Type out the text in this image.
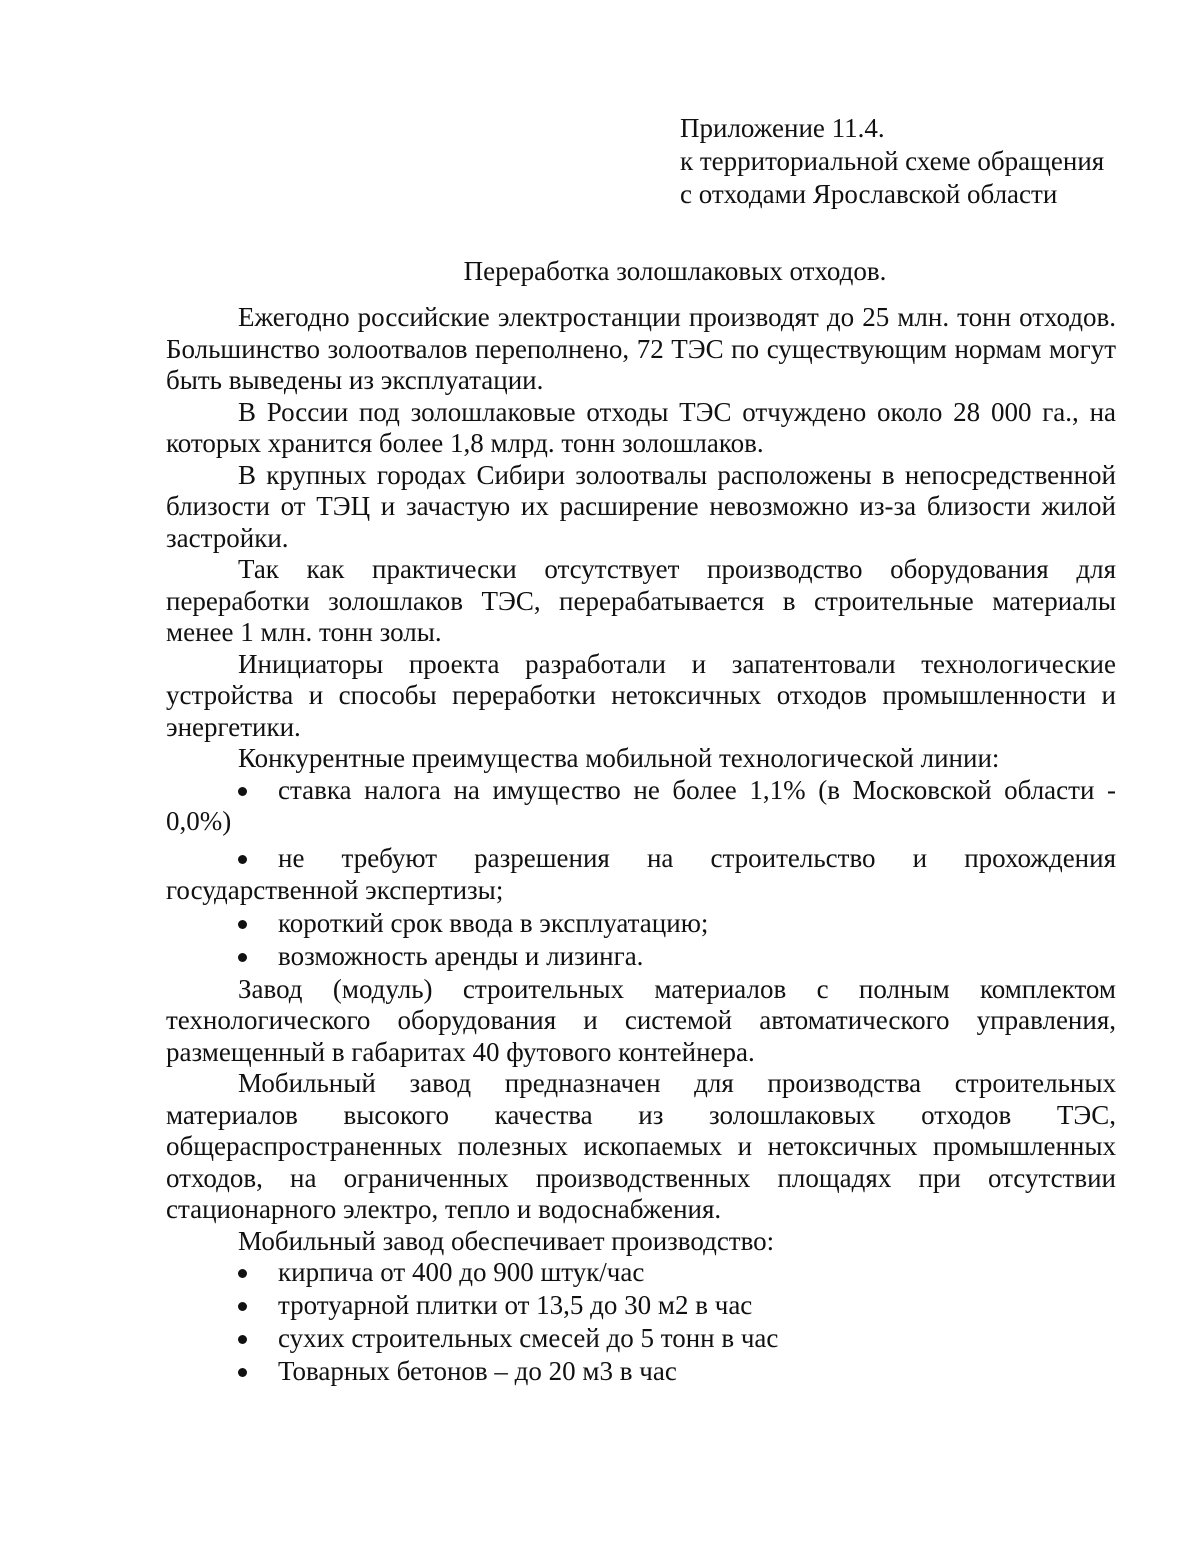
Приложение 11.4.
к территориальной схеме обращения
с отходами Ярославской области
Переработка золошлаковых отходов.

Ежегодно российские электростанции производят до 25 млн. тонн отходов. Большинство золоотвалов переполнено, 72 ТЭС по существующим нормам могут быть выведены из эксплуатации.

В России под золошлаковые отходы ТЭС отчуждено около 28 000 га., на которых хранится более 1,8 млрд. тонн золошлаков.

В крупных городах Сибири золоотвалы расположены в непосредственной близости от ТЭЦ и зачастую их расширение невозможно из-за близости жилой застройки.

Так как практически отсутствует производство оборудования для переработки золошлаков ТЭС, перерабатывается в строительные материалы менее 1 млн. тонн золы.

Инициаторы проекта разработали и запатентовали технологические устройства и способы переработки нетоксичных отходов промышленности и энергетики.

Конкурентные преимущества мобильной технологической линии:

ставка налога на имущество не более 1,1% (в Московской области - 0,0%)

не требуют разрешения на строительство и прохождения государственной экспертизы;

короткий срок ввода в эксплуатацию;

возможность аренды и лизинга.

Завод (модуль) строительных материалов с полным комплектом технологического оборудования и системой автоматического управления, размещенный в габаритах 40 футового контейнера.

Мобильный завод предназначен для производства строительных материалов высокого качества из золошлаковых отходов ТЭС, общераспространенных полезных ископаемых и нетоксичных промышленных отходов, на ограниченных производственных площадях при отсутствии стационарного электро, тепло и водоснабжения.

Мобильный завод обеспечивает производство:

кирпича от 400 до 900 штук/час

тротуарной плитки от 13,5 до 30 м2 в час

сухих строительных смесей до 5 тонн в час

Товарных бетонов – до 20 м3 в час
